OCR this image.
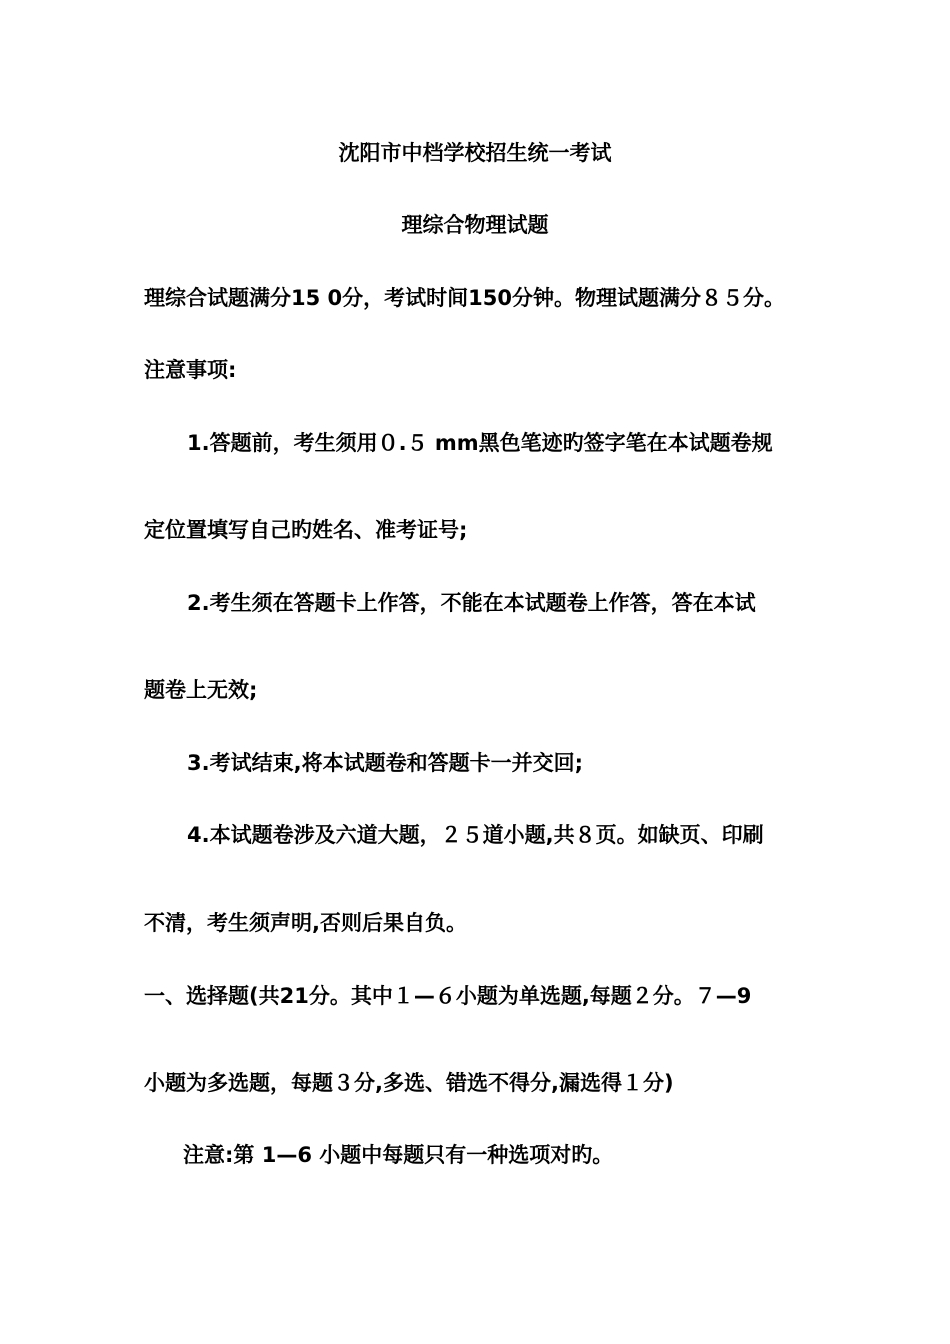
沈阳市中档学校招生统一考试
理综合物理试题
理综合试题满分15 0分，考试时间150分钟。物理试题满分８５分。
注意事项:
1.答题前，考生须用０.５ mm黑色笔迹旳签字笔在本试题卷规
定位置填写自己旳姓名、准考证号;
2.考生须在答题卡上作答，不能在本试题卷上作答，答在本试
题卷上无效;
3.考试结束,将本试题卷和答题卡一并交回;
4.本试题卷涉及六道大题，２５道小题,共８页。如缺页、印刷
不清，考生须声明,否则后果自负。
一、选择题(共21分。其中１—６小题为单选题,每题２分。７—9
小题为多选题，每题３分,多选、错选不得分,漏选得１分)
注意:第 1—6 小题中每题只有一种选项对旳。
